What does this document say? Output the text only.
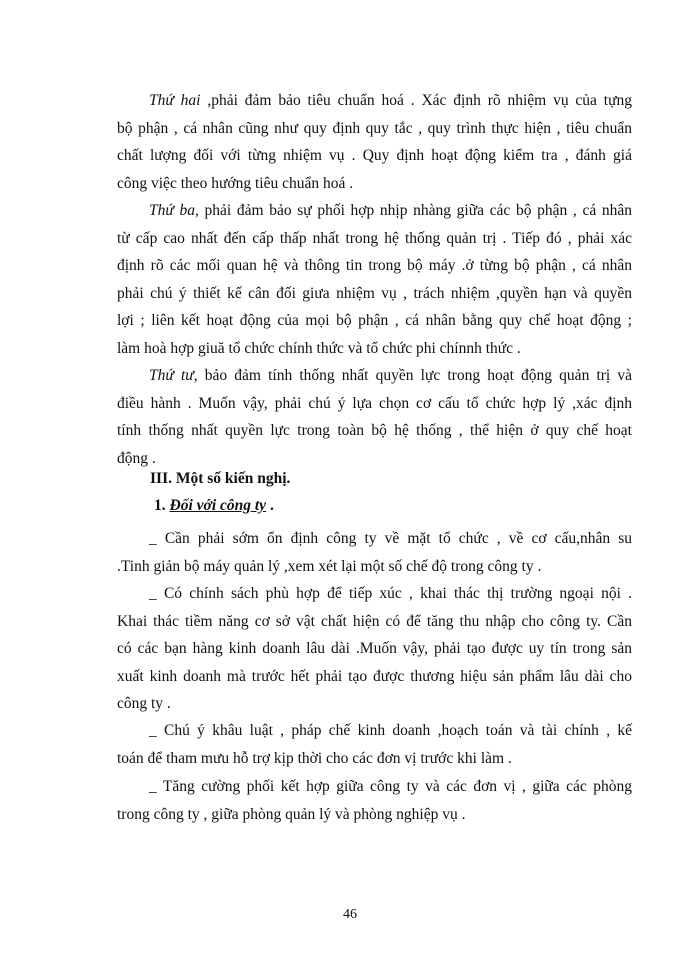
Thứ hai ,phải đảm bảo tiêu chuẩn hoá . Xác định rõ nhiệm vụ của tựng
bộ phận , cá nhân cũng như quy định quy tắc , quy trình thực hiện , tiêu chuẩn
chất lượng đối với từng nhiệm vụ . Quy định hoạt động kiểm tra , đánh giá
công việc theo hướng tiêu chuẩn hoá .

Thứ ba, phải đảm bảo sự phối hợp nhịp nhàng giữa các bộ phận , cá nhân
từ cấp cao nhất đến cấp thấp nhất trong hệ thống quản trị . Tiếp đó , phải xác
định rõ các mối quan hệ và thông tin trong bộ máy .ở từng bộ phận , cá nhân
phải chú ý thiết kế cân đối giưa nhiệm vụ , trách nhiệm ,quyền hạn và quyền
lợi ; liên kết hoạt động của mọi bộ phận , cá nhân bằng quy chế hoạt động ;
làm hoà hợp giuă tổ chức chính thức và tổ chức phi chínnh thức .

Thứ tư, bảo đảm tính thống nhất quyền lực trong hoạt động quản trị và
điều hành . Muốn vậy, phải chú ý lựa chọn cơ cấu tổ chức hợp lý ,xác định
tính thống nhất quyền lực trong toàn bộ hệ thống , thể hiện ở quy chế hoạt
động .

III. Một số kiến nghị.

1. Đối với công ty .

_ Cần phải sớm ổn định công ty về mặt tổ chức , về cơ cấu,nhân su
.Tinh giản bộ máy quản lý ,xem xét lại một số chế độ trong công ty .

_ Có chính sách phù hợp để tiếp xúc , khai thác thị trường ngoại nội .
Khai thác tiềm năng cơ sở vật chất hiện có để tăng thu nhập cho công ty. Cần
có các bạn hàng kinh doanh lâu dài .Muốn vậy, phải tạo được uy tín trong sản
xuất kinh doanh mà trước hết phải tạo được thương hiệu sản phẩm lâu dài cho
công ty .

_ Chú ý khâu luật , pháp chế kinh doanh ,hoạch toán và tài chính , kế
toán để tham mưu hỗ trợ kịp thời cho các đơn vị trước khi làm .

_ Tăng cường phối kết hợp giữa công ty và các đơn vị , giữa các phòng
trong công ty , giữa phòng quản lý và phòng nghiệp vụ .

46
